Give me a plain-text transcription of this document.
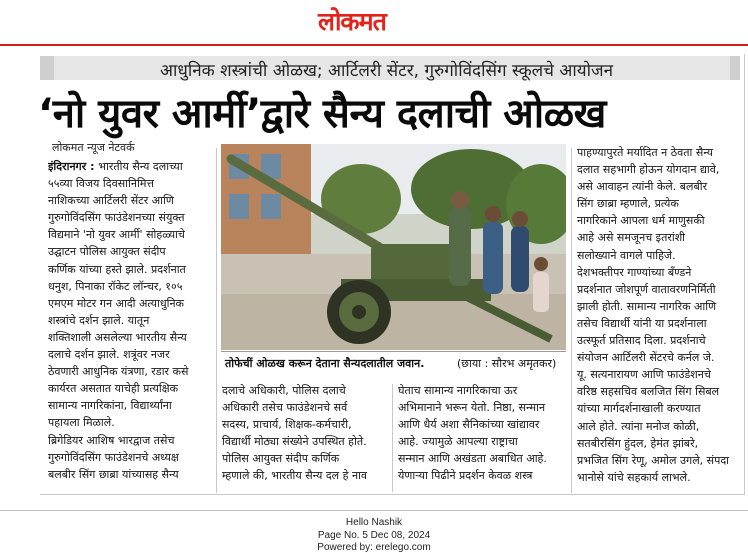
लोकमत
आधुनिक शस्त्रांची ओळख; आर्टिलरी सेंटर, गुरुगोविंदसिंग स्कूलचे आयोजन
‘नो युवर आर्मी’द्वारे सैन्य दलाची ओळख
लोकमत न्यूज नेटवर्क
इंदिरानगर : भारतीय सैन्य दलाच्या
५५व्या विजय दिवसानिमित्त
नाशिकच्या आर्टिलरी सेंटर आणि
गुरुगोविंदसिंग फाउंडेशनच्या संयुक्त
विद्यमाने 'नो युवर आर्मी' सोहळ्याचे
उद्घाटन पोलिस आयुक्त संदीप
कर्णिक यांच्या हस्ते झाले. प्रदर्शनात
धनुश, पिनाका रॉकेट लॉन्चर, १०५
एमएम मोटर गन आदी अत्याधुनिक
शस्त्रांचे दर्शन झाले. यातून
शक्तिशाली असलेल्या भारतीय सैन्य
दलाचे दर्शन झाले. शत्रूंवर नजर
ठेवणारी आधुनिक यंत्रणा, रडार कसे
कार्यरत असतात याचेही प्रत्यक्षिक
सामान्य नागरिकांना, विद्यार्थ्यांना
पहायला मिळाले.
ब्रिगेडियर आशिष भारद्वाज तसेच
गुरुगोविंदसिंग फाउंडेशनचे अध्यक्ष
बलबीर सिंग छाब्रा यांच्यासह सैन्य
तोफेचीं ओळख करून देताना सैन्यदलातील जवान.	(छाया : सौरभ अमृतकर)
दलाचे अधिकारी, पोलिस दलाचे
अधिकारी तसेच फाउंडेशनचे सर्व
सदस्य, प्राचार्य, शिक्षक-कर्मचारी,
विद्यार्थी मोठ्या संख्येने उपस्थित होते.
पोलिस आयुक्त संदीप कर्णिक
म्हणाले की, भारतीय सैन्य दल हे नाव
घेताच सामान्य नागरिकाचा ऊर
अभिमानाने भरून येतो. निष्ठा, सन्मान
आणि धैर्य अशा सैनिकांच्या खांद्यावर
आहे. ज्यामुळे आपल्या राष्ट्राचा
सन्मान आणि अखंडता अबाधित आहे.
येणाऱ्या पिढीने प्रदर्शन केवळ शस्त्र
पाहण्यापुरते मर्यादित न ठेवता सैन्य
दलात सहभागी होऊन योगदान द्यावे,
असे आवाहन त्यांनी केले. बलबीर
सिंग छाब्रा म्हणाले, प्रत्येक
नागरिकाने आपला धर्म माणुसकी
आहे असे समजूनच इतरांशी
सलोख्याने वागले पाहिजे.
देशभक्तीपर गाण्यांच्या बँण्डने
प्रदर्शनात जोशपूर्ण वातावरणनिर्मिती
झाली होती. सामान्य नागरिक आणि
तसेच विद्यार्थी यांनी या प्रदर्शनाला
उत्स्फूर्त प्रतिसाद दिला. प्रदर्शनाचे
संयोजन आर्टिलरी सेंटरचे कर्नल जे.
यू. सत्यनारायण आणि फाउंडेशनचे
वरिष्ठ सहसचिव बलजित सिंग सिबल
यांच्या मार्गदर्शनाखाली करण्यात
आले होते. त्यांना मनोज कोळी,
सतबीरसिंग हुंदल, हेमंत झांबरे,
प्रभजित सिंग रेणू, अमोल उगले, संपदा
भानोसे यांचे सहकार्य लाभले.
Hello Nashik
Page No. 5 Dec 08, 2024
Powered by: erelego.com
